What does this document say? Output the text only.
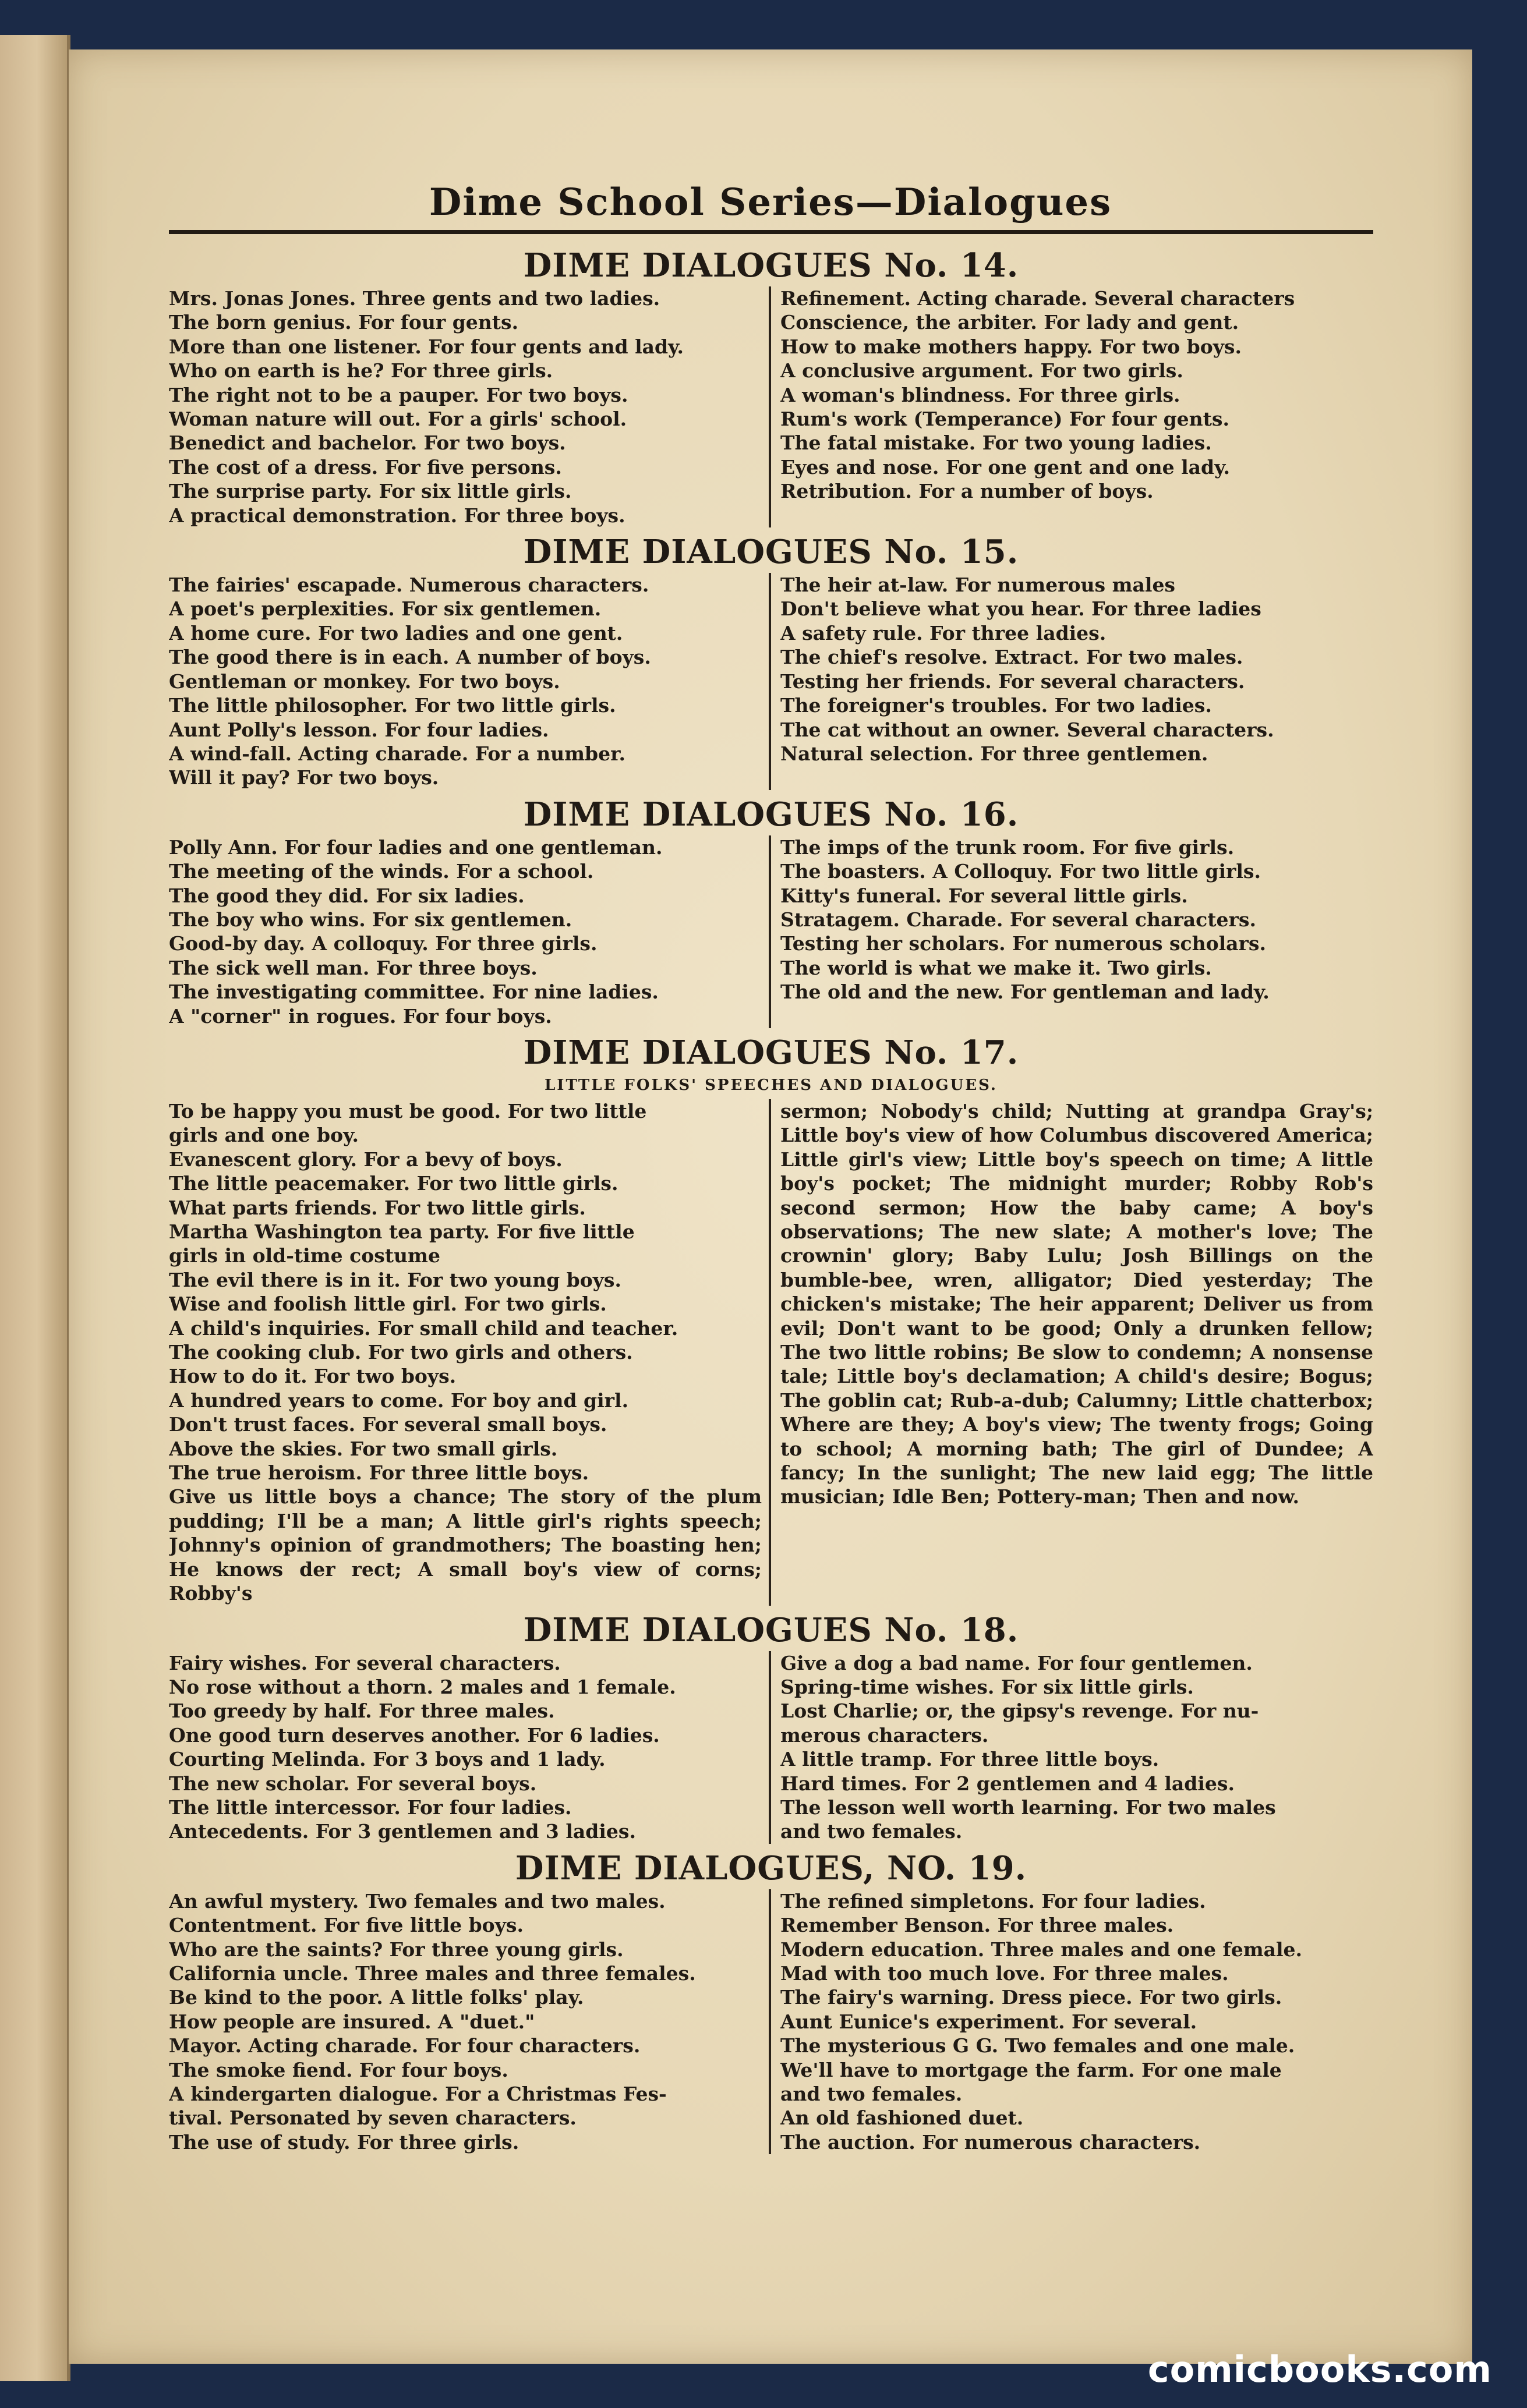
Dime School Series—Dialogues
DIME DIALOGUES No. 14.
Mrs. Jonas Jones. Three gents and two ladies.
The born genius. For four gents.
More than one listener. For four gents and lady.
Who on earth is he? For three girls.
The right not to be a pauper. For two boys.
Woman nature will out. For a girls' school.
Benedict and bachelor. For two boys.
The cost of a dress. For five persons.
The surprise party. For six little girls.
A practical demonstration. For three boys.
Refinement. Acting charade. Several characters
Conscience, the arbiter. For lady and gent.
How to make mothers happy. For two boys.
A conclusive argument. For two girls.
A woman's blindness. For three girls.
Rum's work (Temperance) For four gents.
The fatal mistake. For two young ladies.
Eyes and nose. For one gent and one lady.
Retribution. For a number of boys.
DIME DIALOGUES No. 15.
The fairies' escapade. Numerous characters.
A poet's perplexities. For six gentlemen.
A home cure. For two ladies and one gent.
The good there is in each. A number of boys.
Gentleman or monkey. For two boys.
The little philosopher. For two little girls.
Aunt Polly's lesson. For four ladies.
A wind-fall. Acting charade. For a number.
Will it pay? For two boys.
The heir at-law. For numerous males
Don't believe what you hear. For three ladies
A safety rule. For three ladies.
The chief's resolve. Extract. For two males.
Testing her friends. For several characters.
The foreigner's troubles. For two ladies.
The cat without an owner. Several characters.
Natural selection. For three gentlemen.
DIME DIALOGUES No. 16.
Polly Ann. For four ladies and one gentleman.
The meeting of the winds. For a school.
The good they did. For six ladies.
The boy who wins. For six gentlemen.
Good-by day. A colloquy. For three girls.
The sick well man. For three boys.
The investigating committee. For nine ladies.
A "corner" in rogues. For four boys.
The imps of the trunk room. For five girls.
The boasters. A Colloquy. For two little girls.
Kitty's funeral. For several little girls.
Stratagem. Charade. For several characters.
Testing her scholars. For numerous scholars.
The world is what we make it. Two girls.
The old and the new. For gentleman and lady.
DIME DIALOGUES No. 17.
LITTLE FOLKS' SPEECHES AND DIALOGUES.
To be happy you must be good. For two little
girls and one boy.
Evanescent glory. For a bevy of boys.
The little peacemaker. For two little girls.
What parts friends. For two little girls.
Martha Washington tea party. For five little
girls in old-time costume
The evil there is in it. For two young boys.
Wise and foolish little girl. For two girls.
A child's inquiries. For small child and teacher.
The cooking club. For two girls and others.
How to do it. For two boys.
A hundred years to come. For boy and girl.
Don't trust faces. For several small boys.
Above the skies. For two small girls.
The true heroism. For three little boys.
Give us little boys a chance; The story of the plum pudding; I'll be a man; A little girl's rights speech; Johnny's opinion of grandmothers; The boasting hen; He knows der rect; A small boy's view of corns; Robby's
sermon; Nobody's child; Nutting at grandpa Gray's; Little boy's view of how Columbus discovered America; Little girl's view; Little boy's speech on time; A little boy's pocket; The midnight murder; Robby Rob's second sermon; How the baby came; A boy's observations; The new slate; A mother's love; The crownin' glory; Baby Lulu; Josh Billings on the bumble-bee, wren, alligator; Died yesterday; The chicken's mistake; The heir apparent; Deliver us from evil; Don't want to be good; Only a drunken fellow; The two little robins; Be slow to condemn; A nonsense tale; Little boy's declamation; A child's desire; Bogus; The goblin cat; Rub-a-dub; Calumny; Little chatterbox; Where are they; A boy's view; The twenty frogs; Going to school; A morning bath; The girl of Dundee; A fancy; In the sunlight; The new laid egg; The little musician; Idle Ben; Pottery-man; Then and now.
DIME DIALOGUES No. 18.
Fairy wishes. For several characters.
No rose without a thorn. 2 males and 1 female.
Too greedy by half. For three males.
One good turn deserves another. For 6 ladies.
Courting Melinda. For 3 boys and 1 lady.
The new scholar. For several boys.
The little intercessor. For four ladies.
Antecedents. For 3 gentlemen and 3 ladies.
Give a dog a bad name. For four gentlemen.
Spring-time wishes. For six little girls.
Lost Charlie; or, the gipsy's revenge. For nu-
merous characters.
A little tramp. For three little boys.
Hard times. For 2 gentlemen and 4 ladies.
The lesson well worth learning. For two males
and two females.
DIME DIALOGUES, NO. 19.
An awful mystery. Two females and two males.
Contentment. For five little boys.
Who are the saints? For three young girls.
California uncle. Three males and three females.
Be kind to the poor. A little folks' play.
How people are insured. A "duet."
Mayor. Acting charade. For four characters.
The smoke fiend. For four boys.
A kindergarten dialogue. For a Christmas Fes-
tival. Personated by seven characters.
The use of study. For three girls.
The refined simpletons. For four ladies.
Remember Benson. For three males.
Modern education. Three males and one female.
Mad with too much love. For three males.
The fairy's warning. Dress piece. For two girls.
Aunt Eunice's experiment. For several.
The mysterious G G. Two females and one male.
We'll have to mortgage the farm. For one male
and two females.
An old fashioned duet.
The auction. For numerous characters.
comicbooks.com
